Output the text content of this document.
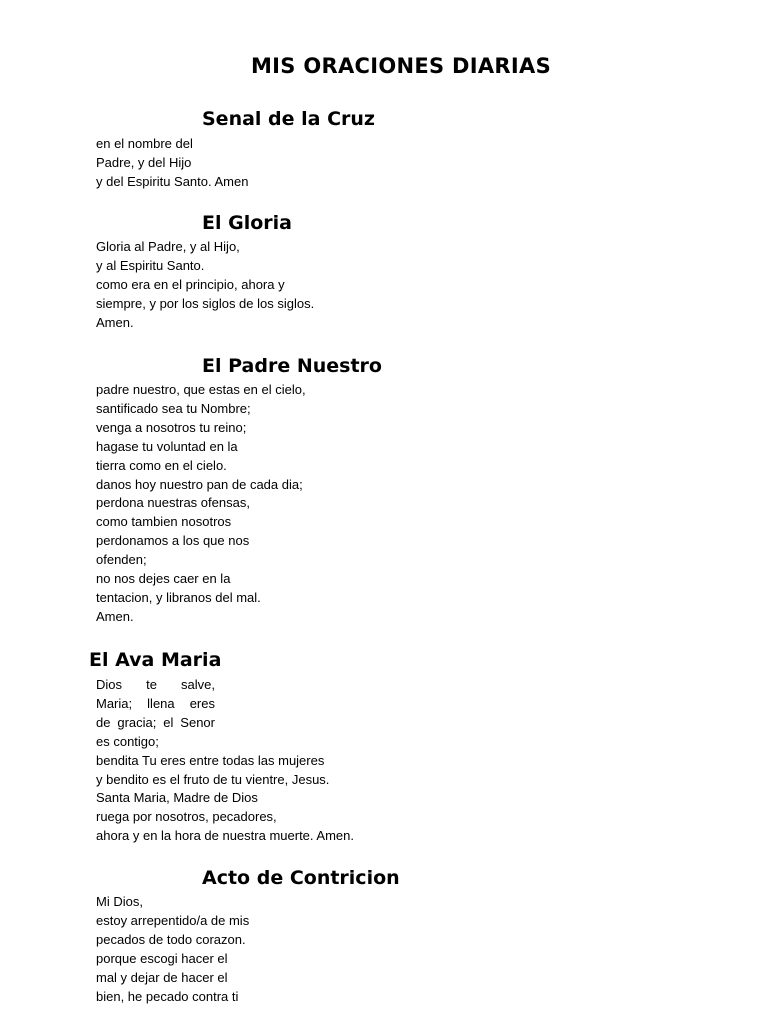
MIS ORACIONES DIARIAS
Senal de la Cruz
en el nombre del
Padre, y del Hijo
y del Espiritu Santo. Amen
El Gloria
Gloria al Padre, y al Hijo,
y al Espiritu Santo.
como era en el principio, ahora y
siempre, y por los siglos de los siglos.
Amen.
El Padre Nuestro
padre nuestro, que estas en el cielo,
santificado sea tu Nombre;
venga a nosotros tu reino;
hagase tu voluntad en la
tierra como en el cielo.
danos hoy nuestro pan de cada dia;
perdona nuestras ofensas,
como tambien nosotros
perdonamos a los que nos
ofenden;
no nos dejes caer en la
tentacion, y libranos del mal.
Amen.
El Ava Maria
Dios te salve,
Maria; llena eres
de gracia; el Senor
es contigo;
bendita Tu eres entre todas las mujeres
y bendito es el fruto de tu vientre, Jesus.
Santa Maria, Madre de Dios
ruega por nosotros, pecadores,
ahora y en la hora de nuestra muerte. Amen.
Acto de Contricion
Mi Dios,
estoy arrepentido/a de mis
pecados de todo corazon.
porque escogi hacer el
mal y dejar de hacer el
bien, he pecado contra ti
